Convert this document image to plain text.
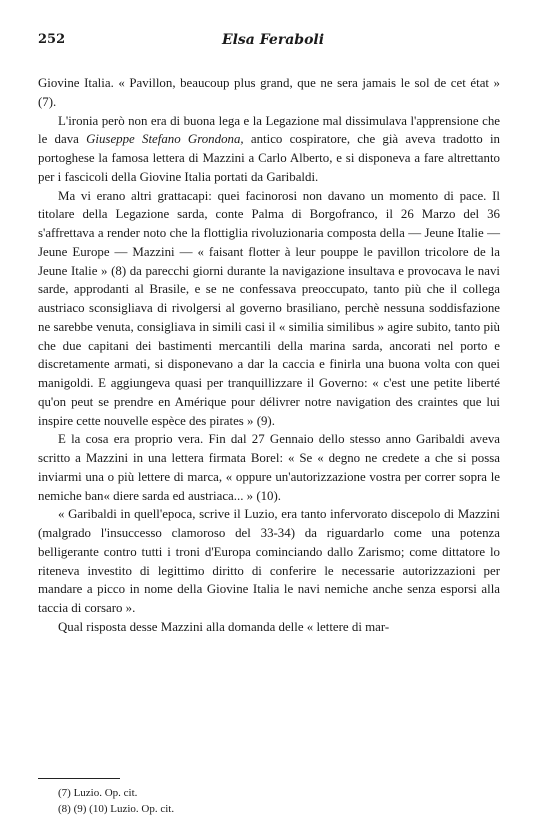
252	Elsa Feraboli

Giovine Italia. « Pavillon, beaucoup plus grand, que ne sera jamais le sol de cet état » (7).

L'ironia però non era di buona lega e la Legazione mal dissimulava l'apprensione che le dava Giuseppe Stefano Grondona, antico cospiratore, che già aveva tradotto in portoghese la famosa lettera di Mazzini a Carlo Alberto, e si disponeva a fare altrettanto per i fascicoli della Giovine Italia portati da Garibaldi.

Ma vi erano altri grattacapi: quei facinorosi non davano un momento di pace. Il titolare della Legazione sarda, conte Palma di Borgofranco, il 26 Marzo del 36 s'affrettava a render noto che la flottiglia rivoluzionaria composta della — Jeune Italie — Jeune Europe — Mazzini — « faisant flotter à leur pouppe le pavillon tricolore de la Jeune Italie » (8) da parecchi giorni durante la navigazione insultava e provocava le navi sarde, approdanti al Brasile, e se ne confessava preoccupato, tanto più che il collega austriaco sconsigliava di rivolgersi al governo brasiliano, perchè nessuna soddisfazione ne sarebbe venuta, consigliava in simili casi il « similia similibus » agire subito, tanto più che due capitani dei bastimenti mercantili della marina sarda, ancorati nel porto e discretamente armati, si disponevano a dar la caccia e finirla una buona volta con quei manigoldi. E aggiungeva quasi per tranquillizzare il Governo: « c'est une petite liberté qu'on peut se prendre en Amérique pour délivrer notre navigation des craintes que lui inspire cette nouvelle espèce des pirates » (9).

E la cosa era proprio vera. Fin dal 27 Gennaio dello stesso anno Garibaldi aveva scritto a Mazzini in una lettera firmata Borel: « Se « degno ne credete a che si possa inviarmi una o più lettere di marca, « oppure un'autorizzazione vostra per correr sopra le nemiche ban« diere sarda ed austriaca... » (10).

« Garibaldi in quell'epoca, scrive il Luzio, era tanto infervorato discepolo di Mazzini (malgrado l'insuccesso clamoroso del 33-34) da riguardarlo come una potenza belligerante contro tutti i troni d'Europa cominciando dallo Zarismo; come dittatore lo riteneva investito di legittimo diritto di conferire le necessarie autorizzazioni per mandare a picco in nome della Giovine Italia le navi nemiche anche senza esporsi alla taccia di corsaro ».

Qual risposta desse Mazzini alla domanda delle « lettere di mar-

(7) Luzio. Op. cit.
(8) (9) (10) Luzio. Op. cit.
